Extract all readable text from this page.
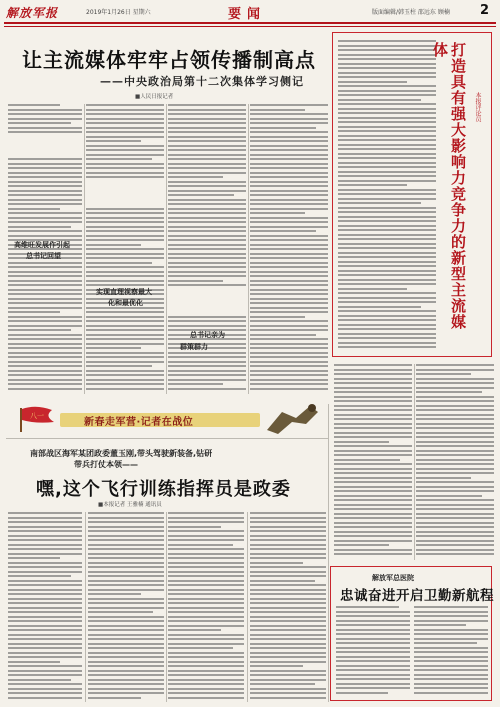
解放军报	2019年1月26日 星期六	要闻	版面编辑/韩玉柱 邵远东 顾楠 2
让主流媒体牢牢占领传播制高点
——中央政治局第十二次集体学习侧记
■人民日报记者
高维旺发展作引起
总书记回望
实现直理视察最大
化和最优化
总书记亲为
群策群力
打造具有强大影响力竞争力的新型主流媒体
本报评论员
八一
新春走军营·记者在战位
南部战区海军某团政委董玉刚,带头驾驶新装备,钻研
带兵打仗本领——
嘿,这个飞行训练指挥员是政委
■本报记者 王雅楠 通讯员
解放军总医院
忠诚奋进开启卫勤新航程
